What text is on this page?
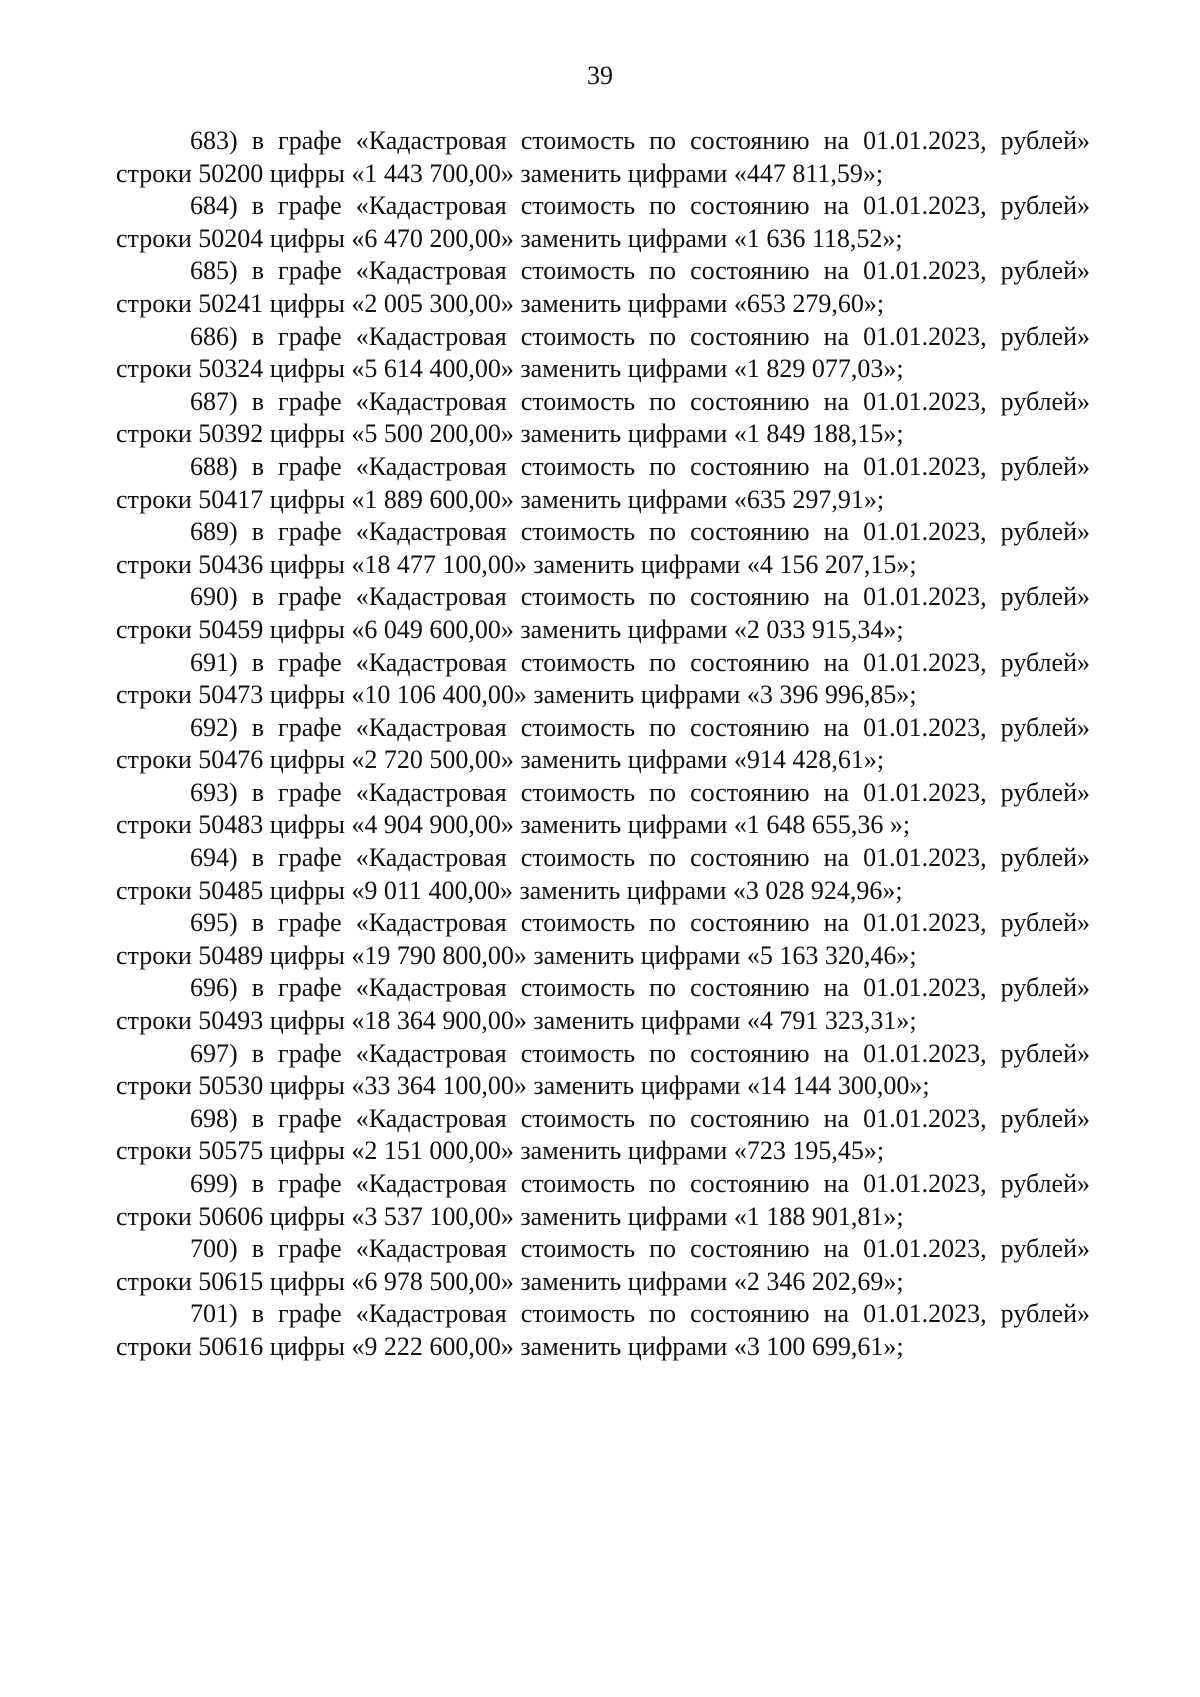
39

683) в графе «Кадастровая стоимость по состоянию на 01.01.2023, рублей» строки 50200 цифры «1 443 700,00» заменить цифрами «447 811,59»;

684) в графе «Кадастровая стоимость по состоянию на 01.01.2023, рублей» строки 50204 цифры «6 470 200,00» заменить цифрами «1 636 118,52»;

685) в графе «Кадастровая стоимость по состоянию на 01.01.2023, рублей» строки 50241 цифры «2 005 300,00» заменить цифрами «653 279,60»;

686) в графе «Кадастровая стоимость по состоянию на 01.01.2023, рублей» строки 50324 цифры «5 614 400,00» заменить цифрами «1 829 077,03»;

687) в графе «Кадастровая стоимость по состоянию на 01.01.2023, рублей» строки 50392 цифры «5 500 200,00» заменить цифрами «1 849 188,15»;

688) в графе «Кадастровая стоимость по состоянию на 01.01.2023, рублей» строки 50417 цифры «1 889 600,00» заменить цифрами «635 297,91»;

689) в графе «Кадастровая стоимость по состоянию на 01.01.2023, рублей» строки 50436 цифры «18 477 100,00» заменить цифрами «4 156 207,15»;

690) в графе «Кадастровая стоимость по состоянию на 01.01.2023, рублей» строки 50459 цифры «6 049 600,00» заменить цифрами «2 033 915,34»;

691) в графе «Кадастровая стоимость по состоянию на 01.01.2023, рублей» строки 50473 цифры «10 106 400,00» заменить цифрами «3 396 996,85»;

692) в графе «Кадастровая стоимость по состоянию на 01.01.2023, рублей» строки 50476 цифры «2 720 500,00» заменить цифрами «914 428,61»;

693) в графе «Кадастровая стоимость по состоянию на 01.01.2023, рублей» строки 50483 цифры «4 904 900,00» заменить цифрами «1 648 655,36 »;

694) в графе «Кадастровая стоимость по состоянию на 01.01.2023, рублей» строки 50485 цифры «9 011 400,00» заменить цифрами «3 028 924,96»;

695) в графе «Кадастровая стоимость по состоянию на 01.01.2023, рублей» строки 50489 цифры «19 790 800,00» заменить цифрами «5 163 320,46»;

696) в графе «Кадастровая стоимость по состоянию на 01.01.2023, рублей» строки 50493 цифры «18 364 900,00» заменить цифрами «4 791 323,31»;

697) в графе «Кадастровая стоимость по состоянию на 01.01.2023, рублей» строки 50530 цифры «33 364 100,00» заменить цифрами «14 144 300,00»;

698) в графе «Кадастровая стоимость по состоянию на 01.01.2023, рублей» строки 50575 цифры «2 151 000,00» заменить цифрами «723 195,45»;

699) в графе «Кадастровая стоимость по состоянию на 01.01.2023, рублей» строки 50606 цифры «3 537 100,00» заменить цифрами «1 188 901,81»;

700) в графе «Кадастровая стоимость по состоянию на 01.01.2023, рублей» строки 50615 цифры «6 978 500,00» заменить цифрами «2 346 202,69»;

701) в графе «Кадастровая стоимость по состоянию на 01.01.2023, рублей» строки 50616 цифры «9 222 600,00» заменить цифрами «3 100 699,61»;
